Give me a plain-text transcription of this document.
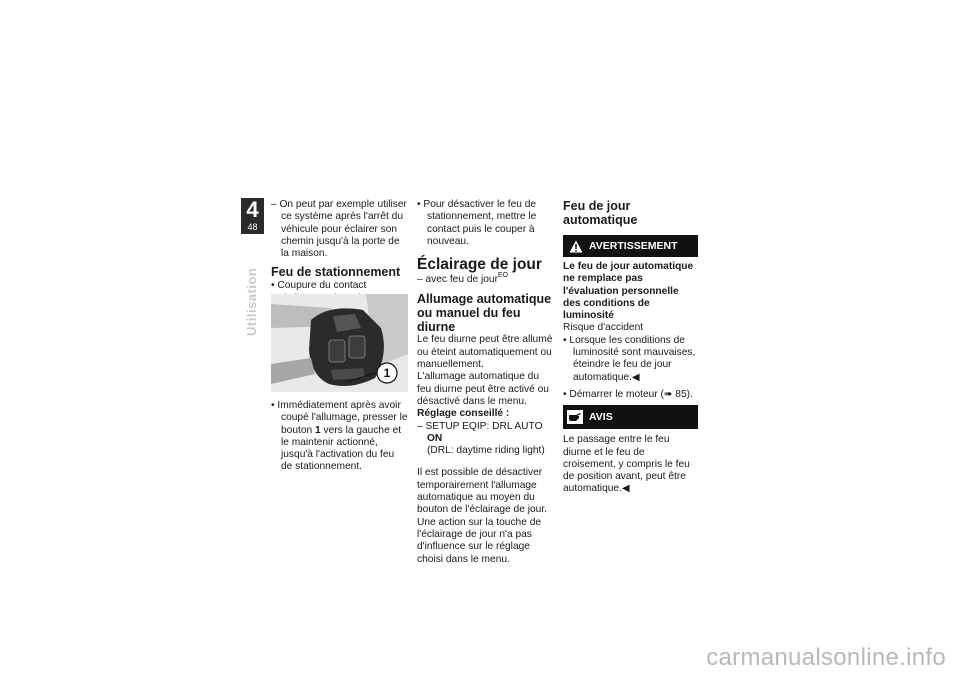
4
48
Utilisation

– On peut par exemple utiliser ce système après l'arrêt du véhicule pour éclairer son chemin jusqu'à la porte de la maison.

Feu de stationnement

• Coupure du contact

1

• Immédiatement après avoir coupé l'allumage, presser le bouton 1 vers la gauche et le maintenir actionné, jusqu'à l'activation du feu de stationnement.

• Pour désactiver le feu de stationnement, mettre le contact puis le couper à nouveau.

Éclairage de jour

– avec feu de jour$^{EO}$

Allumage automatique ou manuel du feu diurne

Le feu diurne peut être allumé ou éteint automatiquement ou manuellement.

L'allumage automatique du feu diurne peut être activé ou désactivé dans le menu.

Réglage conseillé :

– SETUP EQIP: DRL AUTO ON

(DRL: daytime riding light)

Il est possible de désactiver temporairement l'allumage automatique au moyen du bouton de l'éclairage de jour. Une action sur la touche de l'éclairage de jour n'a pas d'influence sur le réglage choisi dans le menu.

Feu de jour automatique
AVERTISSEMENT

Le feu de jour automatique ne remplace pas l'évaluation personnelle des conditions de luminosité

Risque d'accident

• Lorsque les conditions de luminosité sont mauvaises, éteindre le feu de jour automatique.◀

• Démarrer le moteur (➠ 85).

AVIS

Le passage entre le feu diurne et le feu de croisement, y compris le feu de position avant, peut être automatique.◀

carmanualsonline.info
